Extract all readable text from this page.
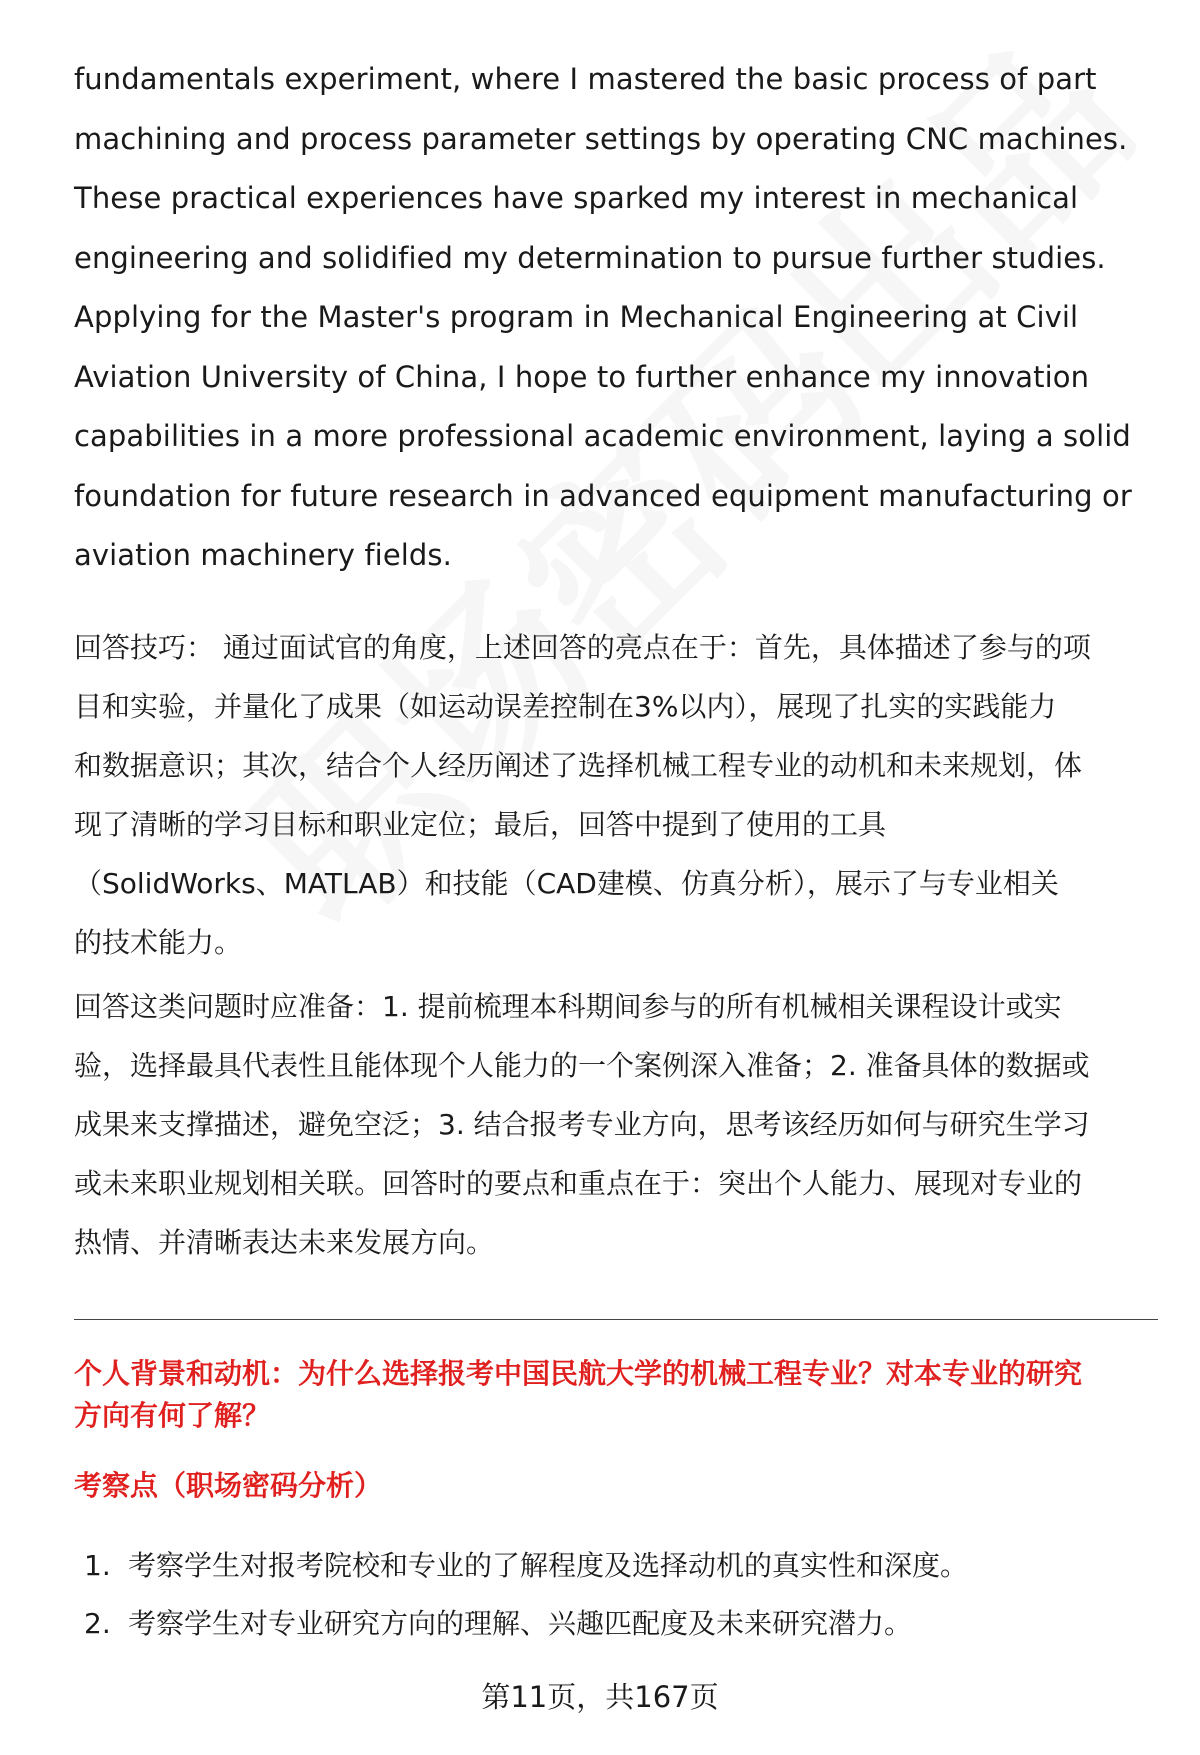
fundamentals experiment, where I mastered the basic process of part
machining and process parameter settings by operating CNC machines.
These practical experiences have sparked my interest in mechanical
engineering and solidified my determination to pursue further studies.
Applying for the Master's program in Mechanical Engineering at Civil
Aviation University of China, I hope to further enhance my innovation
capabilities in a more professional academic environment, laying a solid
foundation for future research in advanced equipment manufacturing or
aviation machinery fields.
回答技巧： 通过面试官的角度，上述回答的亮点在于：首先，具体描述了参与的项
目和实验，并量化了成果（如运动误差控制在3%以内），展现了扎实的实践能力
和数据意识；其次，结合个人经历阐述了选择机械工程专业的动机和未来规划，体
现了清晰的学习目标和职业定位；最后，回答中提到了使用的工具
（SolidWorks、MATLAB）和技能（CAD建模、仿真分析），展示了与专业相关
的技术能力。
回答这类问题时应准备：1. 提前梳理本科期间参与的所有机械相关课程设计或实
验，选择最具代表性且能体现个人能力的一个案例深入准备；2. 准备具体的数据或
成果来支撑描述，避免空泛；3. 结合报考专业方向，思考该经历如何与研究生学习
或未来职业规划相关联。回答时的要点和重点在于：突出个人能力、展现对专业的
热情、并清晰表达未来发展方向。
个人背景和动机：为什么选择报考中国民航大学的机械工程专业？对本专业的研究
方向有何了解？
考察点（职场密码分析）
1. 考察学生对报考院校和专业的了解程度及选择动机的真实性和深度。
2. 考察学生对专业研究方向的理解、兴趣匹配度及未来研究潜力。
第11页，共167页
